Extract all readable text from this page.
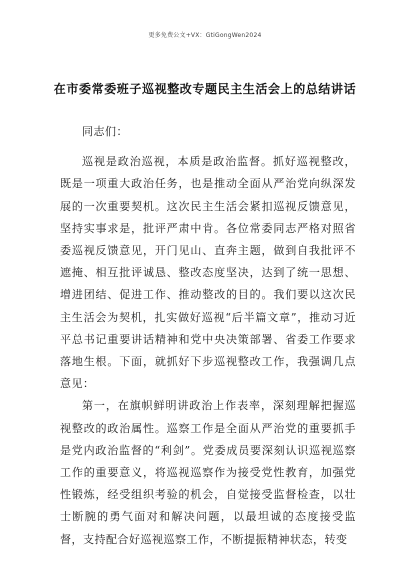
更多免费公文+VX：GtiGongWen2024
在市委常委班子巡视整改专题民主生活会上的总结讲话

同志们：

巡视是政治巡视，本质是政治监督。抓好巡视整改，既是一项重大政治任务，也是推动全面从严治党向纵深发展的一次重要契机。这次民主生活会紧扣巡视反馈意见，坚持实事求是，批评严肃中肯。各位常委同志严格对照省委巡视反馈意见，开门见山、直奔主题，做到自我批评不遮掩、相互批评诚恳、整改态度坚决，达到了统一思想、增进团结、促进工作、推动整改的目的。我们要以这次民主生活会为契机，扎实做好巡视“后半篇文章”，推动习近平总书记重要讲话精神和党中央决策部署、省委工作要求落地生根。下面，就抓好下步巡视整改工作，我强调几点意见：

第一，在旗帜鲜明讲政治上作表率，深刻理解把握巡视整改的政治属性。巡察工作是全面从严治党的重要抓手是党内政治监督的“利剑”。党委成员要深刻认识巡视巡察工作的重要意义，将巡视巡察作为接受党性教育，加强党性锻炼，经受组织考验的机会，自觉接受监督检查，以壮士断腕的勇气面对和解决问题，以最坦诚的态度接受监督，支持配合好巡视巡察工作，不断提振精神状态，转变
